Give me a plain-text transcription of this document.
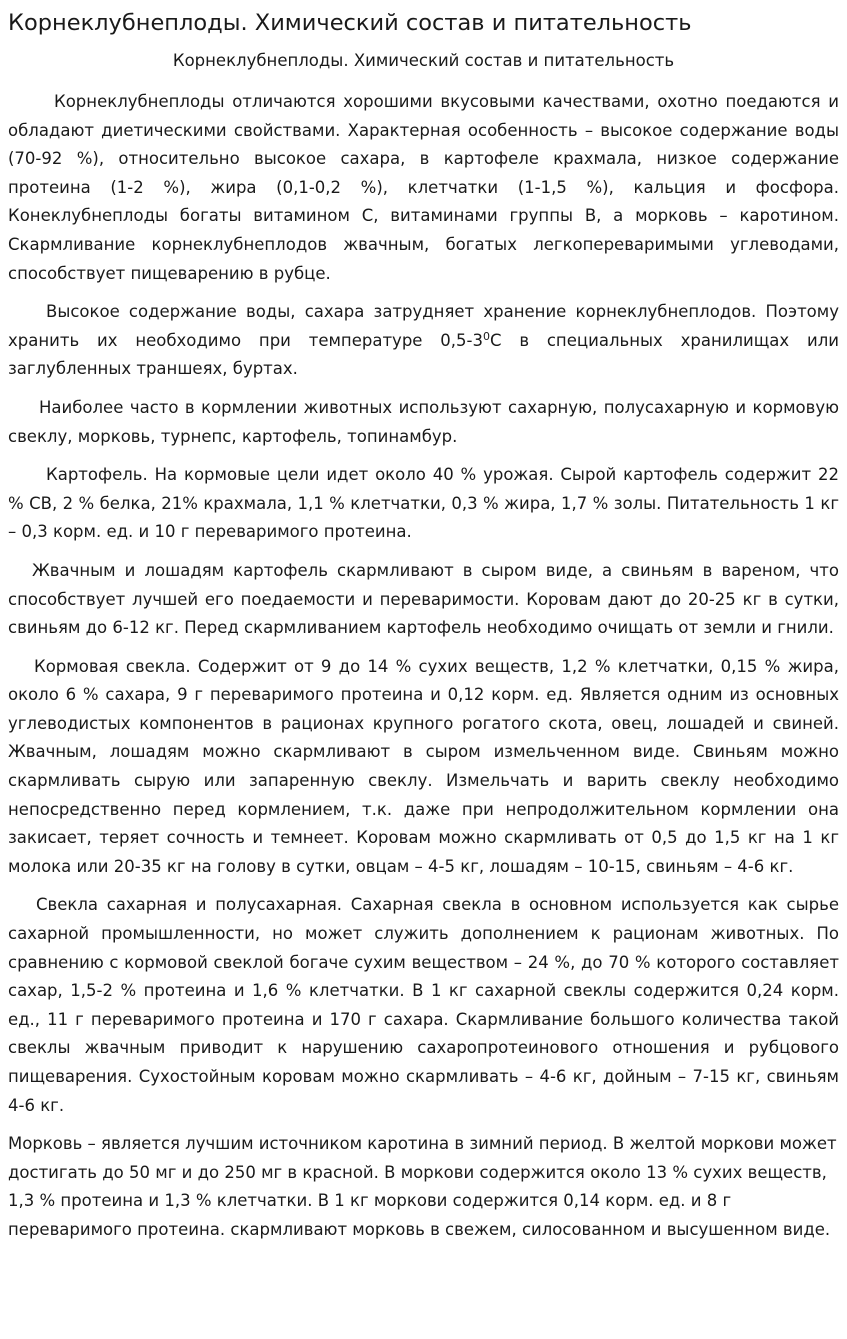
Корнеклубнеплоды. Химический состав и питательность
Корнеклубнеплоды. Химический состав и питательность

Корнеклубнеплоды отличаются хорошими вкусовыми качествами, охотно поедаются и обладают диетическими свойствами. Характерная особенность – высокое содержание воды (70-92 %), относительно высокое сахара, в картофеле крахмала, низкое содержание протеина (1-2 %), жира (0,1-0,2 %), клетчатки (1-1,5 %), кальция и фосфора. Конеклубнеплоды богаты витамином С, витаминами группы В, а морковь – каротином. Скармливание корнеклубнеплодов жвачным, богатых легкопереваримыми углеводами, способствует пищеварению в рубце.

Высокое содержание воды, сахара затрудняет хранение корнеклубнеплодов. Поэтому хранить их необходимо при температуре $0,5-3^0С$ в специальных хранилищах или заглубленных траншеях, буртах.

Наиболее часто в кормлении животных используют сахарную, полусахарную и кормовую свеклу, морковь, турнепс, картофель, топинамбур.

Картофель. На кормовые цели идет около 40 % урожая. Сырой картофель содержит 22 % СВ, 2 % белка, 21% крахмала, 1,1 % клетчатки, 0,3 % жира, 1,7 % золы. Питательность 1 кг – 0,3 корм. ед. и 10 г переваримого протеина.

Жвачным и лошадям картофель скармливают в сыром виде, а свиньям в вареном, что способствует лучшей его поедаемости и переваримости. Коровам дают до 20-25 кг в сутки, свиньям до 6-12 кг. Перед скармливанием картофель необходимо очищать от земли и гнили.

Кормовая свекла. Содержит от 9 до 14 % сухих веществ, 1,2 % клетчатки, 0,15 % жира, около 6 % сахара, 9 г переваримого протеина и 0,12 корм. ед. Является одним из основных углеводистых компонентов в рационах крупного рогатого скота, овец, лошадей и свиней. Жвачным, лошадям можно скармливают в сыром измельченном виде. Свиньям можно скармливать сырую или запаренную свеклу. Измельчать и варить свеклу необходимо непосредственно перед кормлением, т.к. даже при непродолжительном кормлении она закисает, теряет сочность и темнеет. Коровам можно скармливать от 0,5 до 1,5 кг на 1 кг молока или 20-35 кг на голову в сутки, овцам – 4-5 кг, лошадям – 10-15, свиньям – 4-6 кг.

Свекла сахарная и полусахарная. Сахарная свекла в основном используется как сырье сахарной промышленности, но может служить дополнением к рационам животных. По сравнению с кормовой свеклой богаче сухим веществом – 24 %, до 70 % которого составляет сахар, 1,5-2 % протеина и 1,6 % клетчатки. В 1 кг сахарной свеклы содержится 0,24 корм. ед., 11 г переваримого протеина и 170 г сахара. Скармливание большого количества такой свеклы жвачным приводит к нарушению сахаропротеинового отношения и рубцового пищеварения. Сухостойным коровам можно скармливать – 4-6 кг, дойным – 7-15 кг, свиньям 4-6 кг.

Морковь – является лучшим источником каротина в зимний период. В желтой моркови может достигать до 50 мг и до 250 мг в красной. В моркови содержится около 13 % сухих веществ, 1,3 % протеина и 1,3 % клетчатки. В 1 кг моркови содержится 0,14 корм. ед. и 8 г переваримого протеина. скармливают морковь в свежем, силосованном и высушенном виде.
